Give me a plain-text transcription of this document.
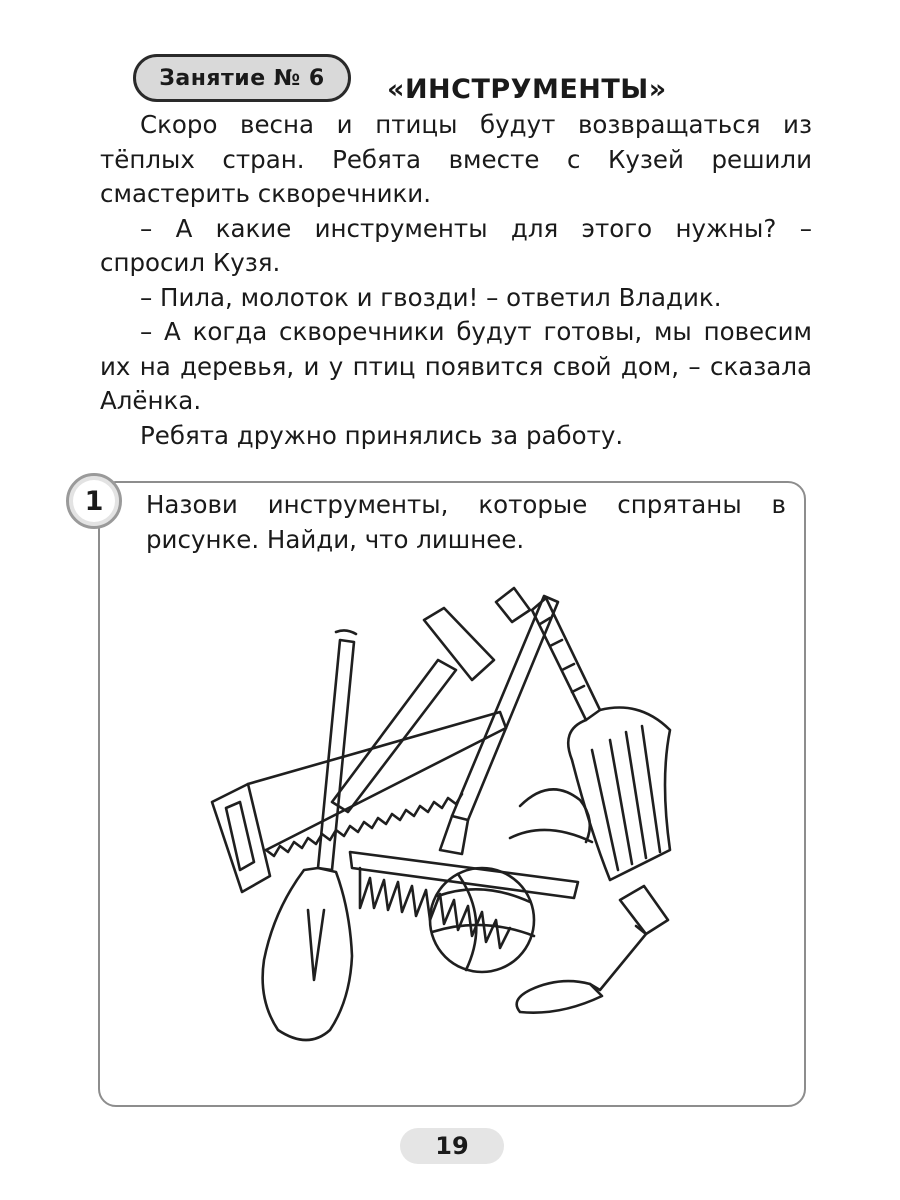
Занятие № 6 «ИНСТРУМЕНТЫ»

Скоро весна и птицы будут возвращаться из тёплых стран. Ребята вместе с Кузей решили смастерить скворечники.

– А какие инструменты для этого нужны? – спросил Кузя.

– Пила, молоток и гвозди! – ответил Владик.

– А когда скворечники будут готовы, мы повесим их на деревья, и у птиц появится свой дом, – сказала Алёнка.

Ребята дружно принялись за работу.

1 Назови инструменты, которые спрятаны в рисунке. Найди, что лишнее.

19
